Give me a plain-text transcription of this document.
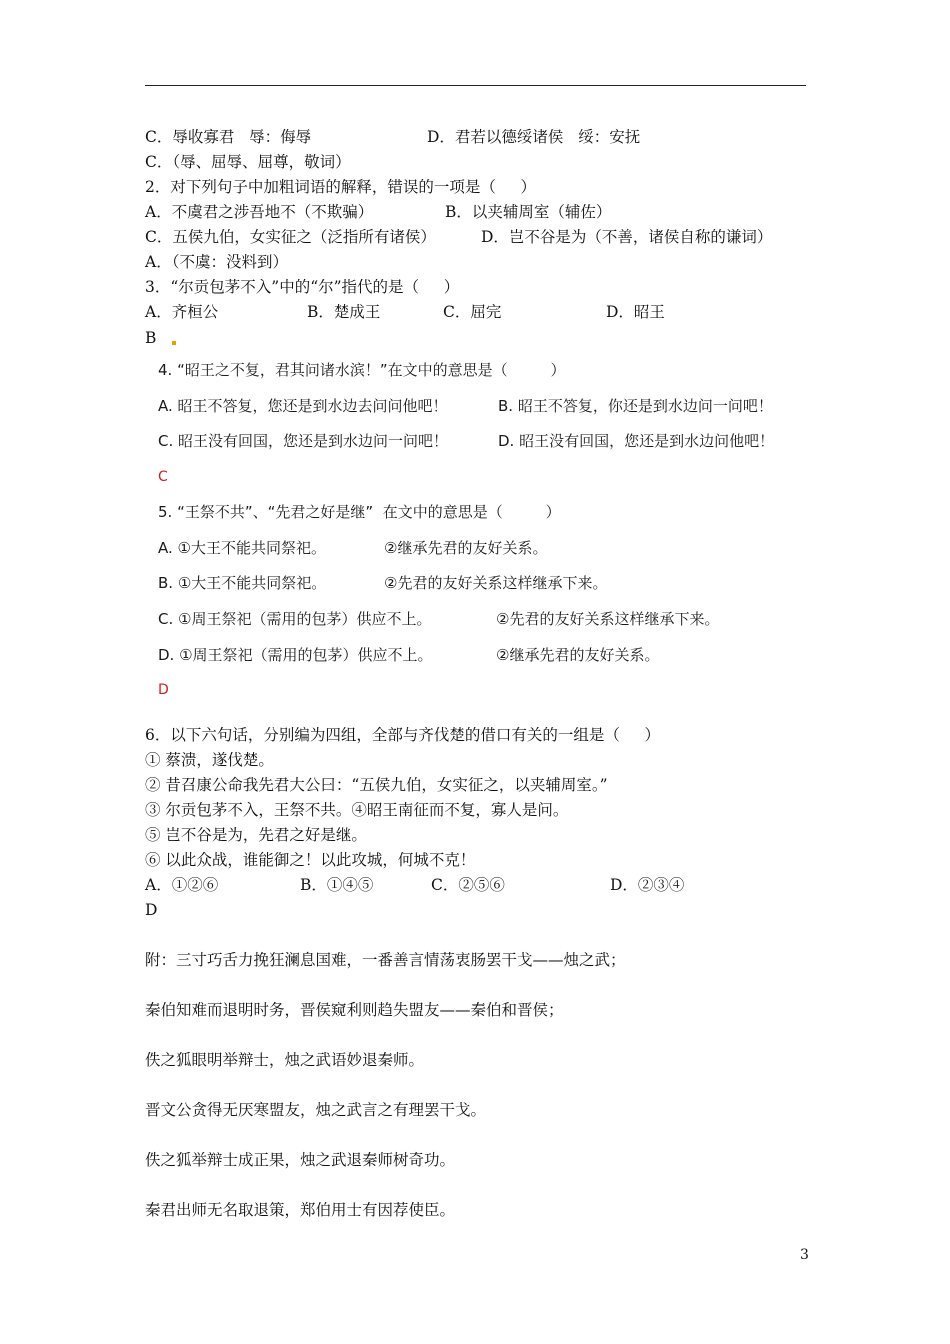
C．辱收寡君   辱：侮辱	D．君若以德绥诸侯   绥：安抚
C．（辱、屈辱、屈尊，敬词）
2．对下列句子中加粗词语的解释，错误的一项是（     ）
A．不虞君之涉吾地不（不欺骗）	B．以夹辅周室（辅佐）
C．五侯九伯，女实征之（泛指所有诸侯）	D．岂不谷是为（不善，诸侯自称的谦词）
A．（不虞：没料到）
3．“尔贡包茅不入”中的“尔”指代的是（     ）
A．齐桓公	B．楚成王	C．屈完	D．昭王
B
4. “昭王之不复，君其问诸水滨！”在文中的意思是（         ）
A. 昭王不答复，您还是到水边去问问他吧！	B. 昭王不答复，你还是到水边问一问吧！
C. 昭王没有回国，您还是到水边问一问吧！	D. 昭王没有回国，您还是到水边问他吧！
C
5. “王祭不共”、“先君之好是继”  在文中的意思是（         ）
A. ①大王不能共同祭祀。	②继承先君的友好关系。
B. ①大王不能共同祭祀。	②先君的友好关系这样继承下来。
C. ①周王祭祀（需用的包茅）供应不上。	②先君的友好关系这样继承下来。
D. ①周王祭祀（需用的包茅）供应不上。	②继承先君的友好关系。
D
6．以下六句话，分别编为四组，全部与齐伐楚的借口有关的一组是（     ）
① 蔡溃，遂伐楚。
② 昔召康公命我先君大公曰：“五侯九伯，女实征之，以夹辅周室。”
③ 尔贡包茅不入，王祭不共。④昭王南征而不复，寡人是问。
⑤ 岂不谷是为，先君之好是继。
⑥ 以此众战，谁能御之！以此攻城，何城不克！
A．①②⑥	B．①④⑤	C．②⑤⑥	D．②③④
D
附：三寸巧舌力挽狂澜息国难，一番善言情荡衷肠罢干戈——烛之武；
秦伯知难而退明时务，晋侯窥利则趋失盟友——秦伯和晋侯；
佚之狐眼明举辩士，烛之武语妙退秦师。
晋文公贪得无厌寒盟友，烛之武言之有理罢干戈。
佚之狐举辩士成正果，烛之武退秦师树奇功。
秦君出师无名取退策，郑伯用士有因荐使臣。
3
